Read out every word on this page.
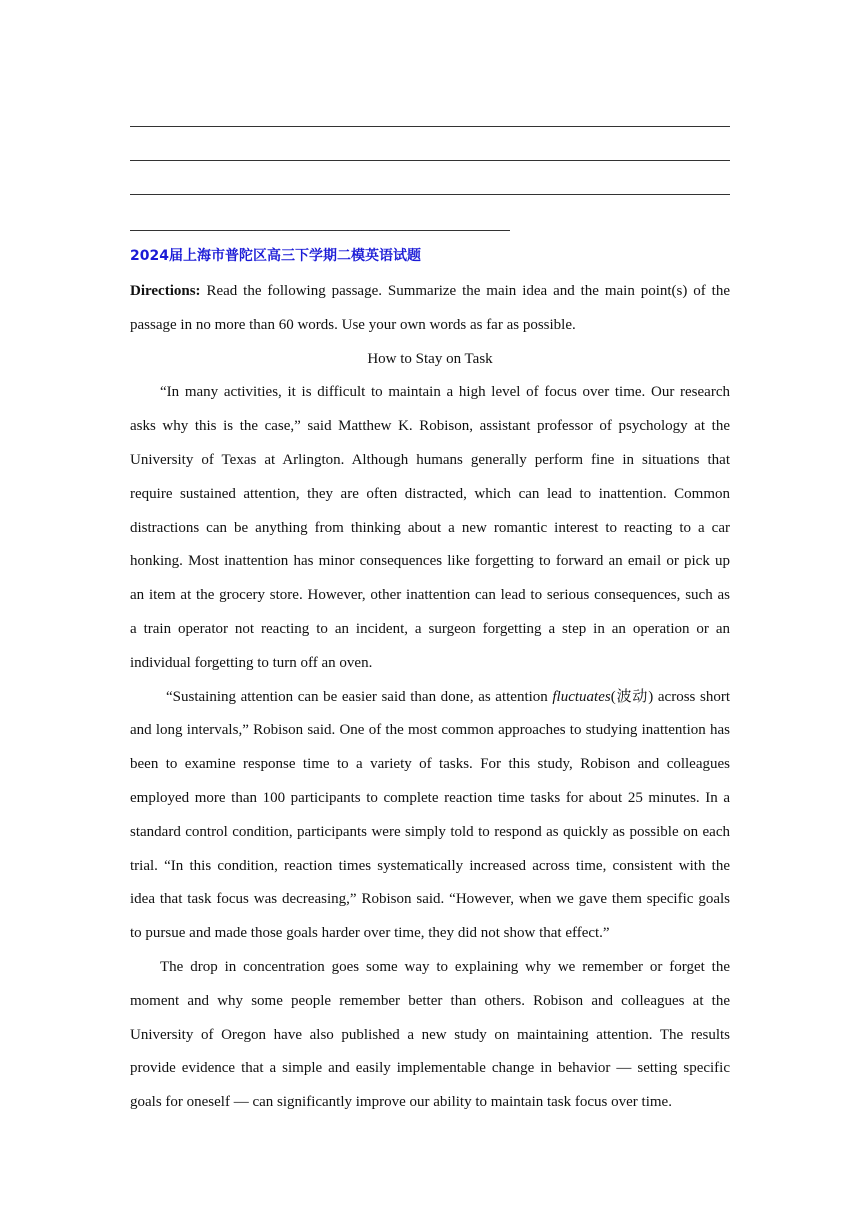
2024届上海市普陀区高三下学期二模英语试题

Directions: Read the following passage. Summarize the main idea and the main point(s) of the
passage in no more than 60 words. Use your own words as far as possible.

How to Stay on Task

“In many activities, it is difficult to maintain a high level of focus over time. Our research
asks why this is the case,” said Matthew K. Robison, assistant professor of psychology at the
University of Texas at Arlington. Although humans generally perform fine in situations that
require sustained attention, they are often distracted, which can lead to inattention. Common
distractions can be anything from thinking about a new romantic interest to reacting to a car
honking. Most inattention has minor consequences like forgetting to forward an email or pick up
an item at the grocery store. However, other inattention can lead to serious consequences, such as
a train operator not reacting to an incident, a surgeon forgetting a step in an operation or an
individual forgetting to turn off an oven.

“Sustaining attention can be easier said than done, as attention fluctuates(波动) across short
and long intervals,” Robison said. One of the most common approaches to studying inattention has
been to examine response time to a variety of tasks. For this study, Robison and colleagues
employed more than 100 participants to complete reaction time tasks for about 25 minutes. In a
standard control condition, participants were simply told to respond as quickly as possible on each
trial. “In this condition, reaction times systematically increased across time, consistent with the
idea that task focus was decreasing,” Robison said. “However, when we gave them specific goals
to pursue and made those goals harder over time, they did not show that effect.”

The drop in concentration goes some way to explaining why we remember or forget the
moment and why some people remember better than others. Robison and colleagues at the
University of Oregon have also published a new study on maintaining attention. The results
provide evidence that a simple and easily implementable change in behavior — setting specific
goals for oneself — can significantly improve our ability to maintain task focus over time.
